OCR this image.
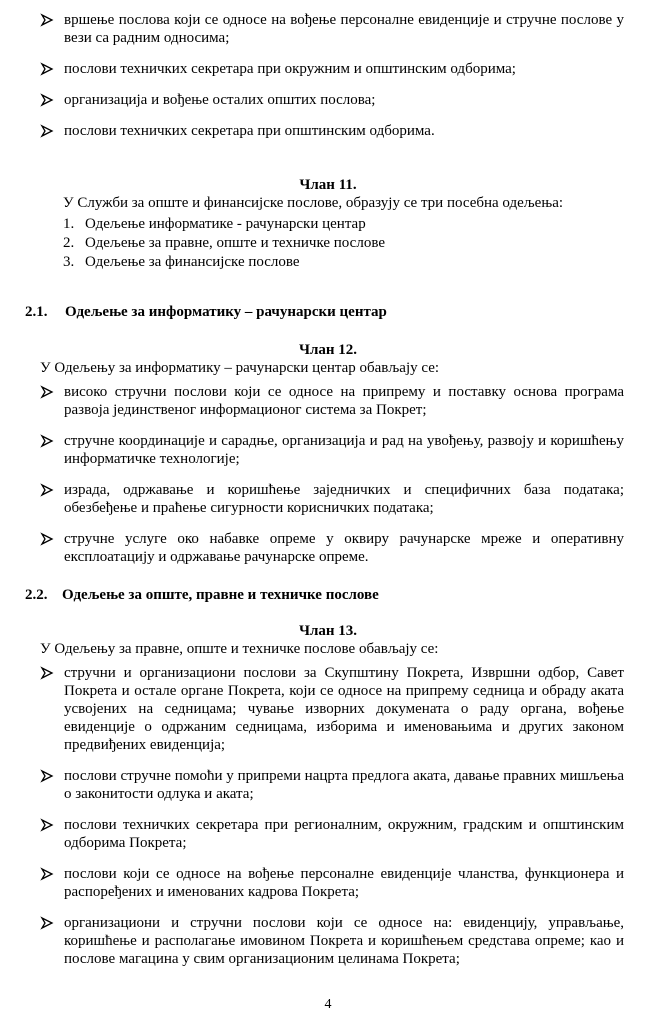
вршење послова који се односе на вођење персоналне евиденције и стручне послове у вези са радним односима;
послови техничких секретара при окружним и општинским одборима;
организација и вођење осталих општих послова;
послови техничких секретара при општинским одборима.
Члан 11.
У Служби за опште и финансијске послове, образују се три посебна одељења:
1. Одељење информатике - рачунарски центар
2. Одељење за правне, опште и техничке послове
3. Одељење за финансијске послове
2.1. Одељење за информатику – рачунарски центар
Члан 12.
У Одељењу за информатику – рачунарски центар обављају се:
високо стручни послови који се односе на припрему и поставку основа програма развоја јединственог информационог система за Покрет;
стручне координације и сарадње, организација и рад на увођењу, развоју и коришћењу информатичке технологије;
израда, одржавање и коришћење заједничких и специфичних база података; обезбеђење и праћење сигурности корисничких података;
стручне услуге око набавке опреме у оквиру рачунарске мреже и оперативну експлоатацију и одржавање рачунарске опреме.
2.2. Одељење за опште, правне и техничке послове
Члан 13.
У Одељењу за правне, опште и техничке послове обављају се:
стручни и организациони послови за Скупштину Покрета, Извршни одбор, Савет Покрета и остале органе Покрета, који се односе на припрему седница и обраду аката усвојених на седницама; чување изворних докумената о раду органа, вођење евиденције о одржаним седницама, изборима и именовањима и других законом предвиђених евиденција;
послови стручне помоћи у припреми нацрта предлога аката, давање правних мишљења о законитости одлука и аката;
послови техничких секретара при регионалним, окружним, градским и општинским одборима Покрета;
послови који се односе на вођење персоналне евиденције чланства, функционера и распоређених и именованих кадрова Покрета;
организациони и стручни послови који се односе на: евиденцију, управљање, коришћење и располагање имовином Покрета и коришћењем средстава опреме; као и послове магацина у свим организационим целинама Покрета;
4
